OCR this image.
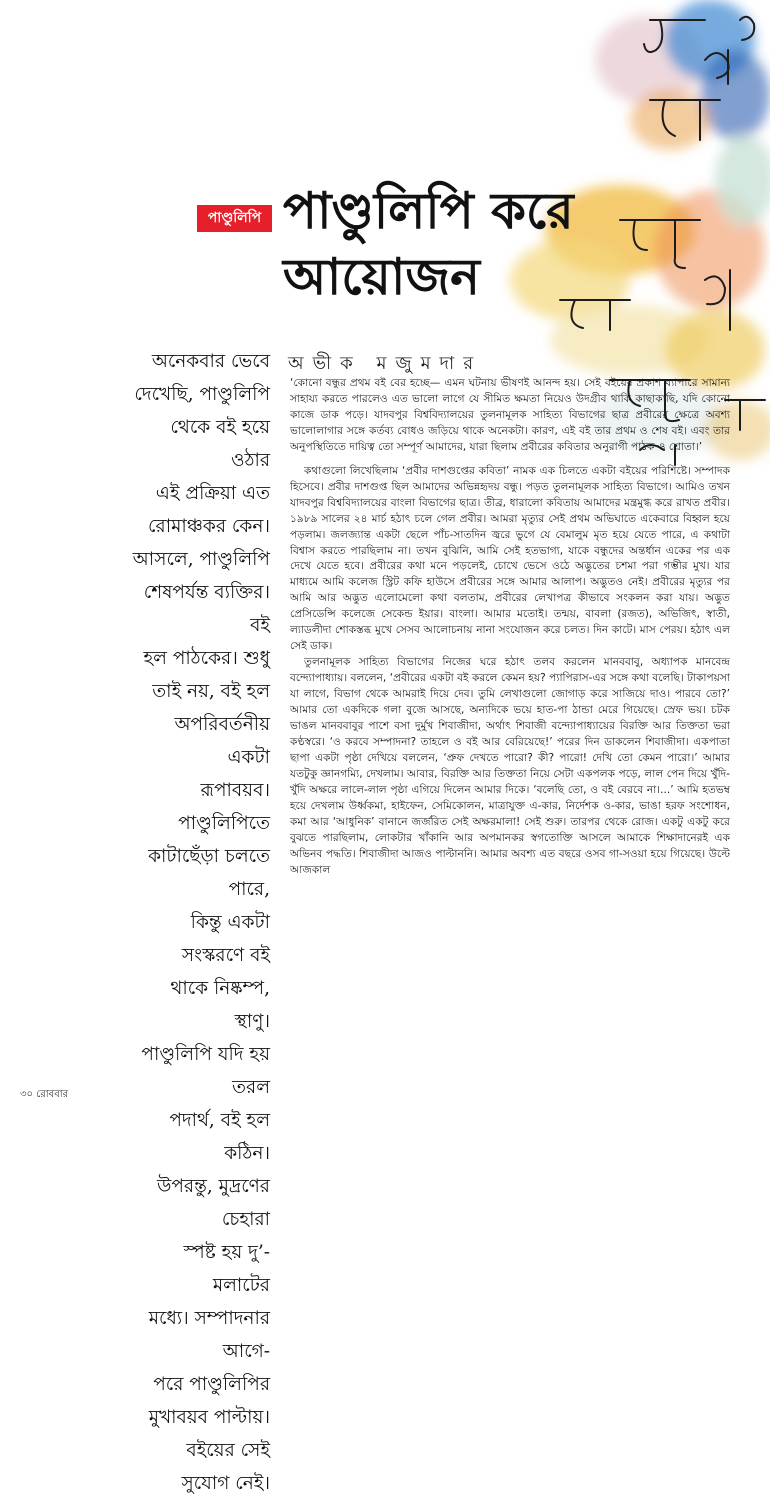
পাণ্ডুলিপি পাণ্ডুলিপি করে
আয়োজন
অভীক মজুমদার
অনেকবার ভেবে
দেখেছি, পাণ্ডুলিপি
থেকে বই হয়ে ওঠার
এই প্রক্রিয়া এত
রোমাঞ্চকর কেন।
আসলে, পাণ্ডুলিপি
শেষপর্যন্ত ব্যক্তির। বই
হল পাঠকের। শুধু
তাই নয়, বই হল
অপরিবর্তনীয় একটা
রূপাবয়ব। পাণ্ডুলিপিতে
কাটাছেঁড়া চলতে পারে,
কিন্তু একটা সংস্করণে বই
থাকে নিষ্কম্প, স্থাণু।
পাণ্ডুলিপি যদি হয় তরল
পদার্থ, বই হল কঠিন।
উপরন্তু, মুদ্রণের চেহারা
স্পষ্ট হয় দু’-মলাটের
মধ্যে। সম্পাদনার আগে-
পরে পাণ্ডুলিপির
মুখাবয়ব পাল্টায়।
বইয়ের সেই
সুযোগ নেই।

‘কোনো বন্ধুর প্রথম বই বের হচ্ছে— এমন ঘটনায় ভীষণই আনন্দ হয়। সেই বইয়ের প্রকাশ ব্যাপারে সামান্য সাহায্য করতে পারলেও এত ভালো লাগে যে সীমিত ক্ষমতা নিয়েও উদগ্রীব থাকি কাছাকাছি, যদি কোনো কাজে ডাক পড়ে। যাদবপুর বিশ্ববিদ্যালয়ের তুলনামূলক সাহিত্য বিভাগের ছাত্র প্রবীরের ক্ষেত্রে অবশ্য ভালোলাগার সঙ্গে কর্তব্য বোধও জড়িয়ে থাকে অনেকটা। কারণ, এই বই তার প্রথম ও শেষ বই। এবং তার অনুপস্থিতিতে দায়িত্ব তো সম্পূর্ণ আমাদের, যারা ছিলাম প্রবীরের কবিতার অনুরাগী পাঠক ও শ্রোতা।’

কথাগুলো লিখেছিলাম ‘প্রবীর দাশগুপ্তের কবিতা’ নামক এক চিলতে একটা বইয়ের পরিশিষ্টে। সম্পাদক হিসেবে। প্রবীর দাশগুপ্ত ছিল আমাদের অভিন্নহৃদয় বন্ধু। পড়ত তুলনামূলক সাহিত্য বিভাগে। আমিও তখন যাদবপুর বিশ্ববিদ্যালয়ের বাংলা বিভাগের ছাত্র। তীব্র, ধারালো কবিতায় আমাদের মন্ত্রমুগ্ধ করে রাখত প্রবীর। ১৯৮৯ সালের ২৪ মার্চ হঠাৎ চলে গেল প্রবীর। আমরা মৃত্যুর সেই প্রথম অভিঘাতে একেবারে বিহ্বল হয়ে পড়লাম। জলজ্যান্ত একটা ছেলে পাঁচ-সাতদিন জ্বরে ভুগে যে বেমালুম মৃত হয়ে যেতে পারে, এ কথাটা বিশ্বাস করতে পারছিলাম না। তখন বুঝিনি, আমি সেই হতভাগ্য, যাকে বন্ধুদের অন্তর্ধান একের পর এক দেখে যেতে হবে। প্রবীরের কথা মনে পড়লেই, চোখে ভেসে ওঠে অদ্ভুতের চশমা পরা গম্ভীর মুখ। যার মাধ্যমে আমি কলেজ স্ট্রিট কফি হাউসে প্রবীরের সঙ্গে আমার আলাপ। অদ্ভুতও নেই। প্রবীরের মৃত্যুর পর আমি আর অদ্ভুত এলোমেলো কথা বলতাম, প্রবীরের লেখাপত্র কীভাবে সংকলন করা যায়। অদ্ভুত প্রেসিডেন্সি কলেজে সেকেন্ড ইয়ার। বাংলা। আমার মতোই। তন্ময়, বাবলা (রজত), অভিজিৎ, স্বাতী, ল্যাডলীদা শোকস্তব্ধ মুখে সেসব আলোচনায় নানা সংযোজন করে চলত। দিন কাটে। মাস পেরয়। হঠাৎ এল সেই ডাক।

তুলনামূলক সাহিত্য বিভাগের নিজের ঘরে হঠাৎ তলব করলেন মানববাবু, অধ্যাপক মানবেন্দ্র বন্দ্যোপাধ্যায়। বললেন, ‘প্রবীরের একটা বই করলে কেমন হয়? প্যাপিরাস-এর সঙ্গে কথা বলেছি। টাকাপয়সা যা লাগে, বিভাগ থেকে আমরাই দিয়ে দেব। তুমি লেখাগুলো জোগাড় করে সাজিয়ে দাও। পারবে তো?’ আমার তো একদিকে গলা বুজে আসছে, অন্যদিকে ভয়ে হাত-পা ঠান্ডা মেরে গিয়েছে। স্রেফ ভয়। চটক ভাঙল মানববাবুর পাশে বসা দুর্মুখ শিবাজীদা, অর্থাৎ শিবাজী বন্দ্যোপাধ্যায়ের বিরক্তি আর তিক্ততা ভরা কণ্ঠস্বরে। ‘ও করবে সম্পাদনা? তাহলে ও বই আর বেরিয়েছে!’ পরের দিন ডাকলেন শিবাজীদা। একপাতা ছাপা একটা পৃষ্ঠা দেখিয়ে বললেন, ‘প্রুফ দেখতে পারো? কী? পারো! দেখি তো কেমন পারো।’ আমার যতটুকু জ্ঞানগম্যি, দেখলাম। আবার, বিরক্তি আর তিক্ততা নিয়ে সেটা একপলক পড়ে, লাল পেন দিয়ে খুঁদি-খুঁদি অক্ষরে লালে-লাল পৃষ্ঠা এগিয়ে দিলেন আমার দিকে। ‘বলেছি তো, ও বই বেরবে না।...’ আমি হতভম্ব হয়ে দেখলাম উর্ধ্বকমা, হাইফেন, সেমিকোলন, মাত্রাযুক্ত এ-কার, নির্দেশক ও-কার, ভাঙা হরফ সংশোধন, কমা আর ‘আধুনিক’ বানানে জর্জরিত সেই অক্ষরমালা! সেই শুরু। তারপর থেকে রোজ। একটু একটু করে বুঝতে পারছিলাম, লোকটার খাঁকানি আর অপমানকর স্বগতোক্তি আসলে আমাকে শিক্ষাদানেরই এক অভিনব পদ্ধতি। শিবাজীদা আজও পাল্টাননি। আমার অবশ্য এত বছরে ওসব গা-সওয়া হয়ে গিয়েছে। উল্টে আজকাল

৩০ রোববার
